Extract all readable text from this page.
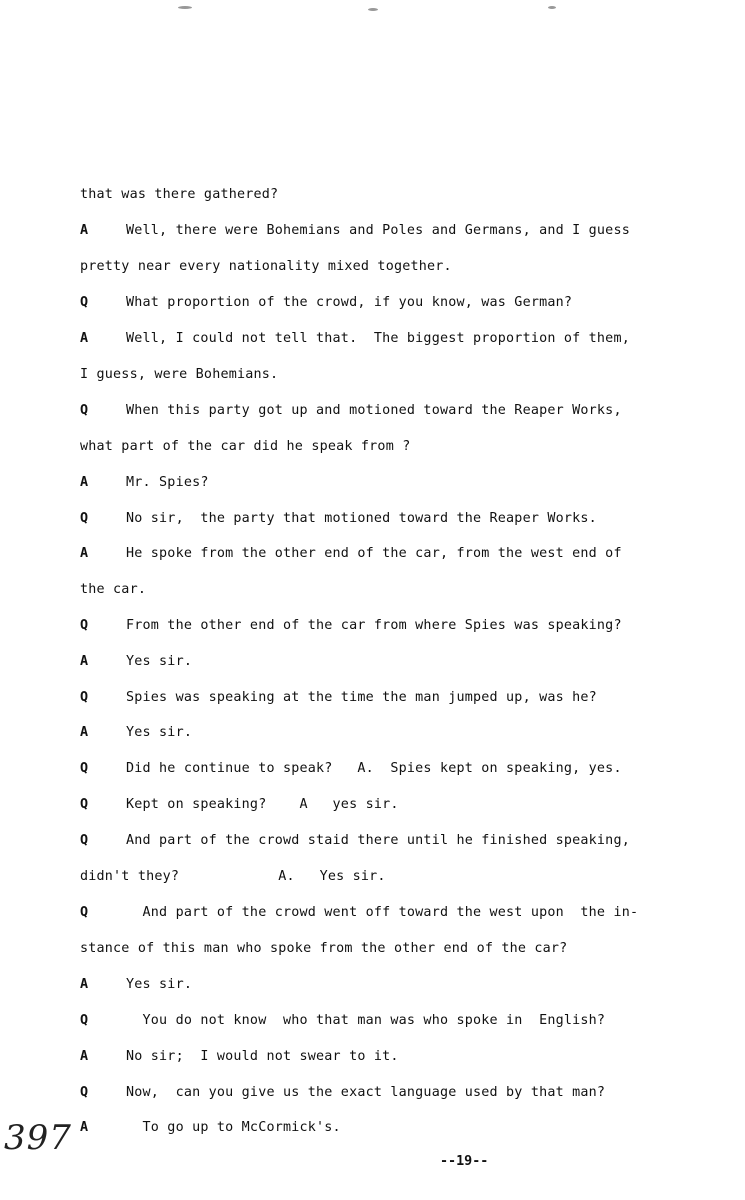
that was there gathered?
A	Well, there were Bohemians and Poles and Germans, and I guess
pretty near every nationality mixed together.
Q	What proportion of the crowd, if you know, was German?
A	Well, I could not tell that.  The biggest proportion of them,
I guess, were Bohemians.
Q	When this party got up and motioned toward the Reaper Works,
what part of the car did he speak from ?
A	Mr. Spies?
Q	No sir,  the party that motioned toward the Reaper Works.
A	He spoke from the other end of the car, from the west end of
the car.
Q	From the other end of the car from where Spies was speaking?
A	Yes sir.
Q	Spies was speaking at the time the man jumped up, was he?
A	Yes sir.
Q	Did he continue to speak?   A.  Spies kept on speaking, yes.
Q	Kept on speaking?    A   yes sir.
Q	And part of the crowd staid there until he finished speaking,
didn't they?            A.   Yes sir.
Q	And part of the crowd went off toward the west upon  the in-
stance of this man who spoke from the other end of the car?
A	Yes sir.
Q	You do not know  who that man was who spoke in  English?
A	No sir;  I would not swear to it.
Q	Now,  can you give us the exact language used by that man?
A	To go up to McCormick's.
397
--19--
